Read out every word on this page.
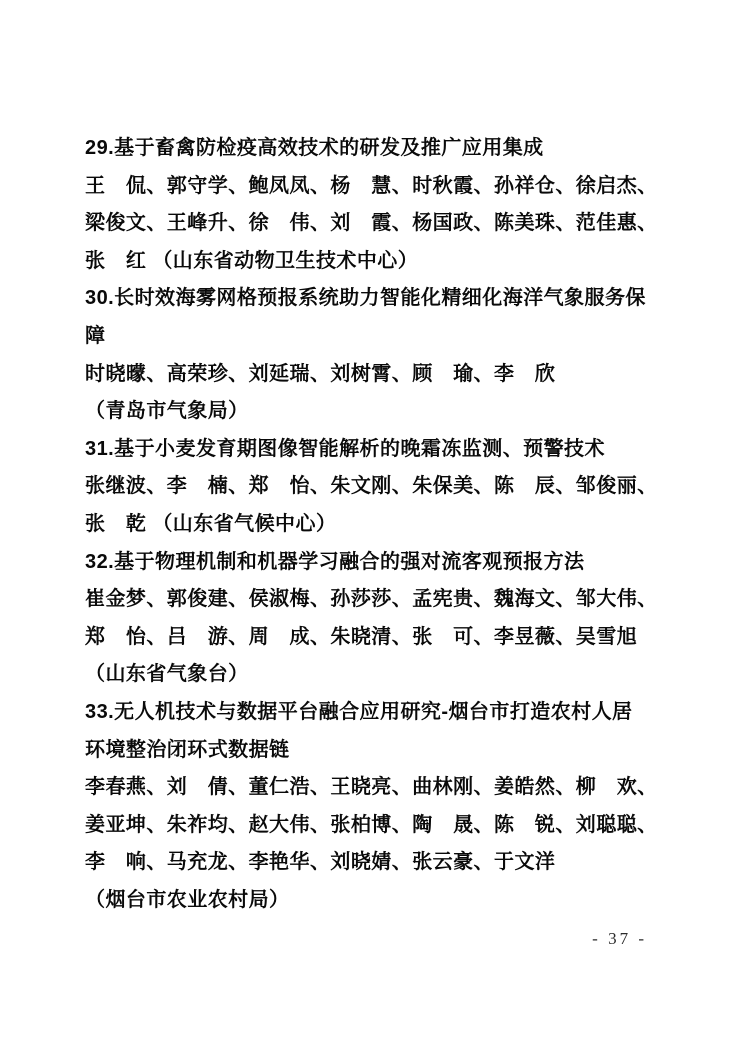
29.基于畜禽防检疫高效技术的研发及推广应用集成

王　侃、郭守学、鲍凤凤、杨　慧、时秋霞、孙祥仓、徐启杰、

梁俊文、王峰升、徐　伟、刘　霞、杨国政、陈美珠、范佳惠、

张　红 （山东省动物卫生技术中心）

30.长时效海雾网格预报系统助力智能化精细化海洋气象服务保

障

时晓曚、高荣珍、刘延瑞、刘树霄、顾　瑜、李　欣

（青岛市气象局）

31.基于小麦发育期图像智能解析的晚霜冻监测、预警技术

张继波、李　楠、郑　怡、朱文刚、朱保美、陈　辰、邹俊丽、

张　乾 （山东省气候中心）

32.基于物理机制和机器学习融合的强对流客观预报方法

崔金梦、郭俊建、侯淑梅、孙莎莎、孟宪贵、魏海文、邹大伟、

郑　怡、吕　游、周　成、朱晓清、张　可、李昱薇、吴雪旭

（山东省气象台）

33.无人机技术与数据平台融合应用研究-烟台市打造农村人居

环境整治闭环式数据链

李春燕、刘　倩、董仁浩、王晓亮、曲林刚、姜皓然、柳　欢、

姜亚坤、朱祚均、赵大伟、张柏博、陶　晟、陈　锐、刘聪聪、

李　响、马充龙、李艳华、刘晓婧、张云豪、于文洋

（烟台市农业农村局）

- 37 -
